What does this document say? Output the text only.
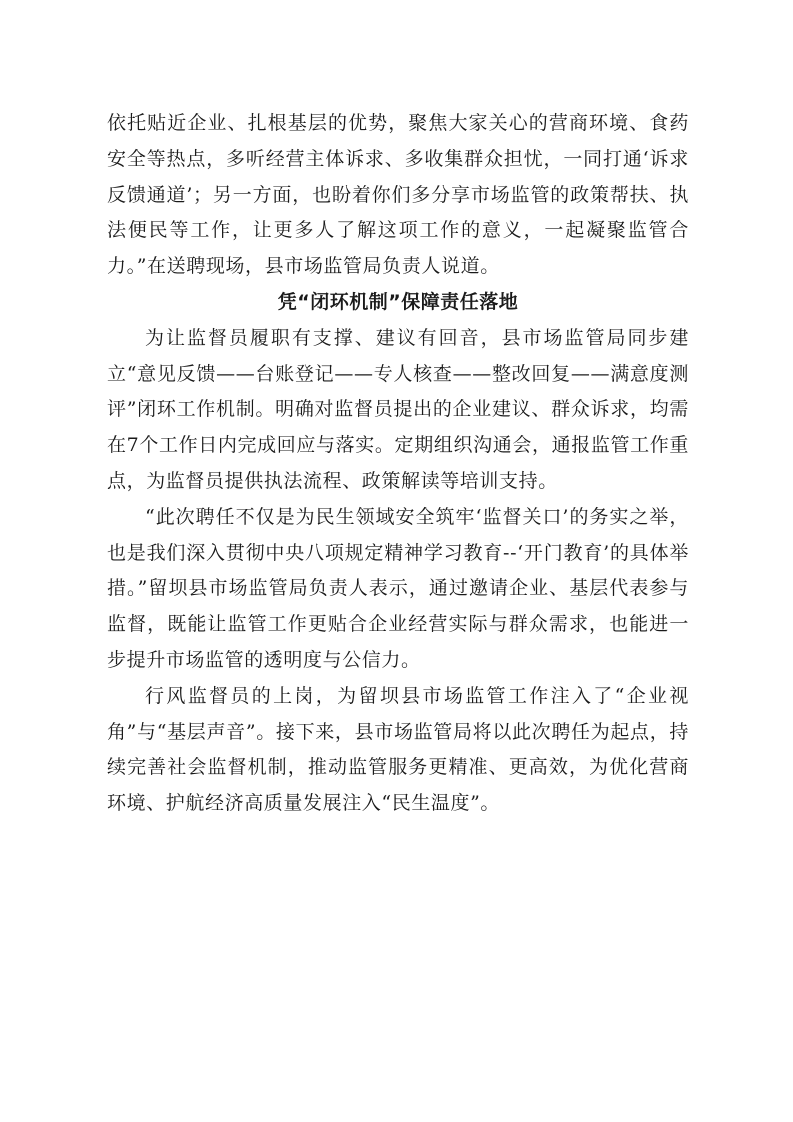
依托贴近企业、扎根基层的优势，聚焦大家关心的营商环境、食药安全等热点，多听经营主体诉求、多收集群众担忧，一同打通‘诉求反馈通道’；另一方面，也盼着你们多分享市场监管的政策帮扶、执法便民等工作，让更多人了解这项工作的意义，一起凝聚监管合力。”在送聘现场，县市场监管局负责人说道。

凭“闭环机制”保障责任落地

为让监督员履职有支撑、建议有回音，县市场监管局同步建立“意见反馈——台账登记——专人核查——整改回复——满意度测评”闭环工作机制。明确对监督员提出的企业建议、群众诉求，均需在7个工作日内完成回应与落实。定期组织沟通会，通报监管工作重点，为监督员提供执法流程、政策解读等培训支持。

“此次聘任不仅是为民生领域安全筑牢‘监督关口’的务实之举，也是我们深入贯彻中央八项规定精神学习教育--‘开门教育’的具体举措。”留坝县市场监管局负责人表示，通过邀请企业、基层代表参与监督，既能让监管工作更贴合企业经营实际与群众需求，也能进一步提升市场监管的透明度与公信力。

行风监督员的上岗，为留坝县市场监管工作注入了“企业视角”与“基层声音”。接下来，县市场监管局将以此次聘任为起点，持续完善社会监督机制，推动监管服务更精准、更高效，为优化营商环境、护航经济高质量发展注入“民生温度”。
